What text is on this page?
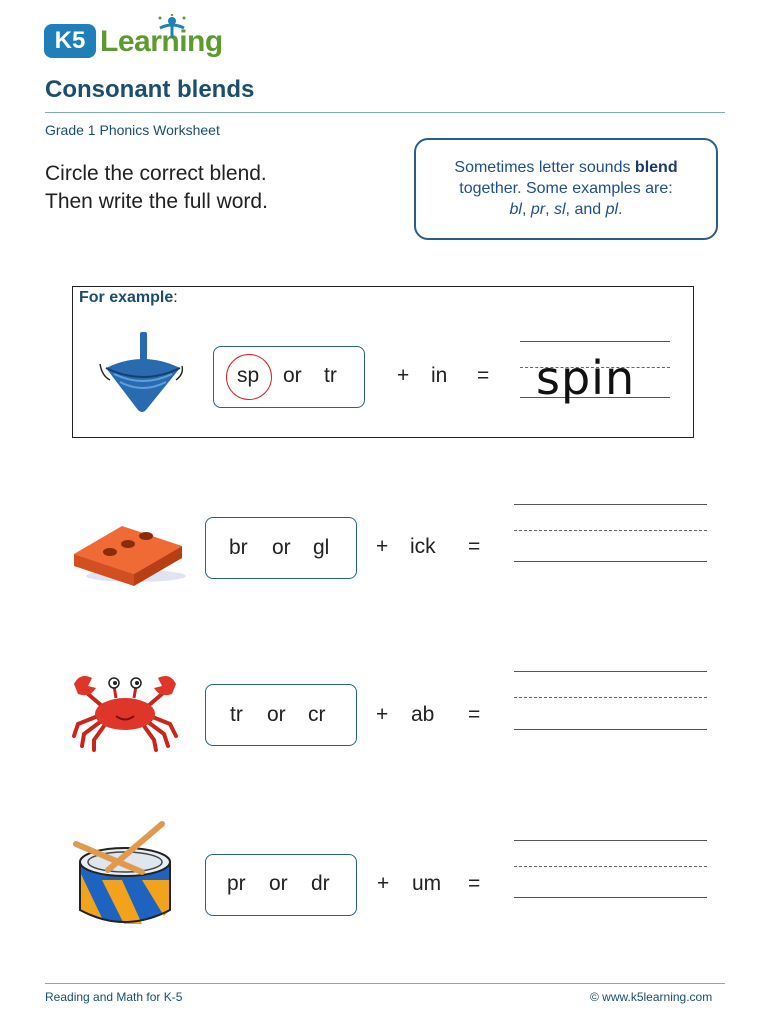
K5 Learning
Consonant blends
Grade 1 Phonics Worksheet
Circle the correct blend.
Then write the full word.
Sometimes letter sounds blend
together. Some examples are:
bl, pr, sl, and pl.
For example:
sp or tr	+ in = spin
br or gl + ick =
tr or cr + ab =
pr or dr + um =
Reading and Math for K-5	© www.k5learning.com
